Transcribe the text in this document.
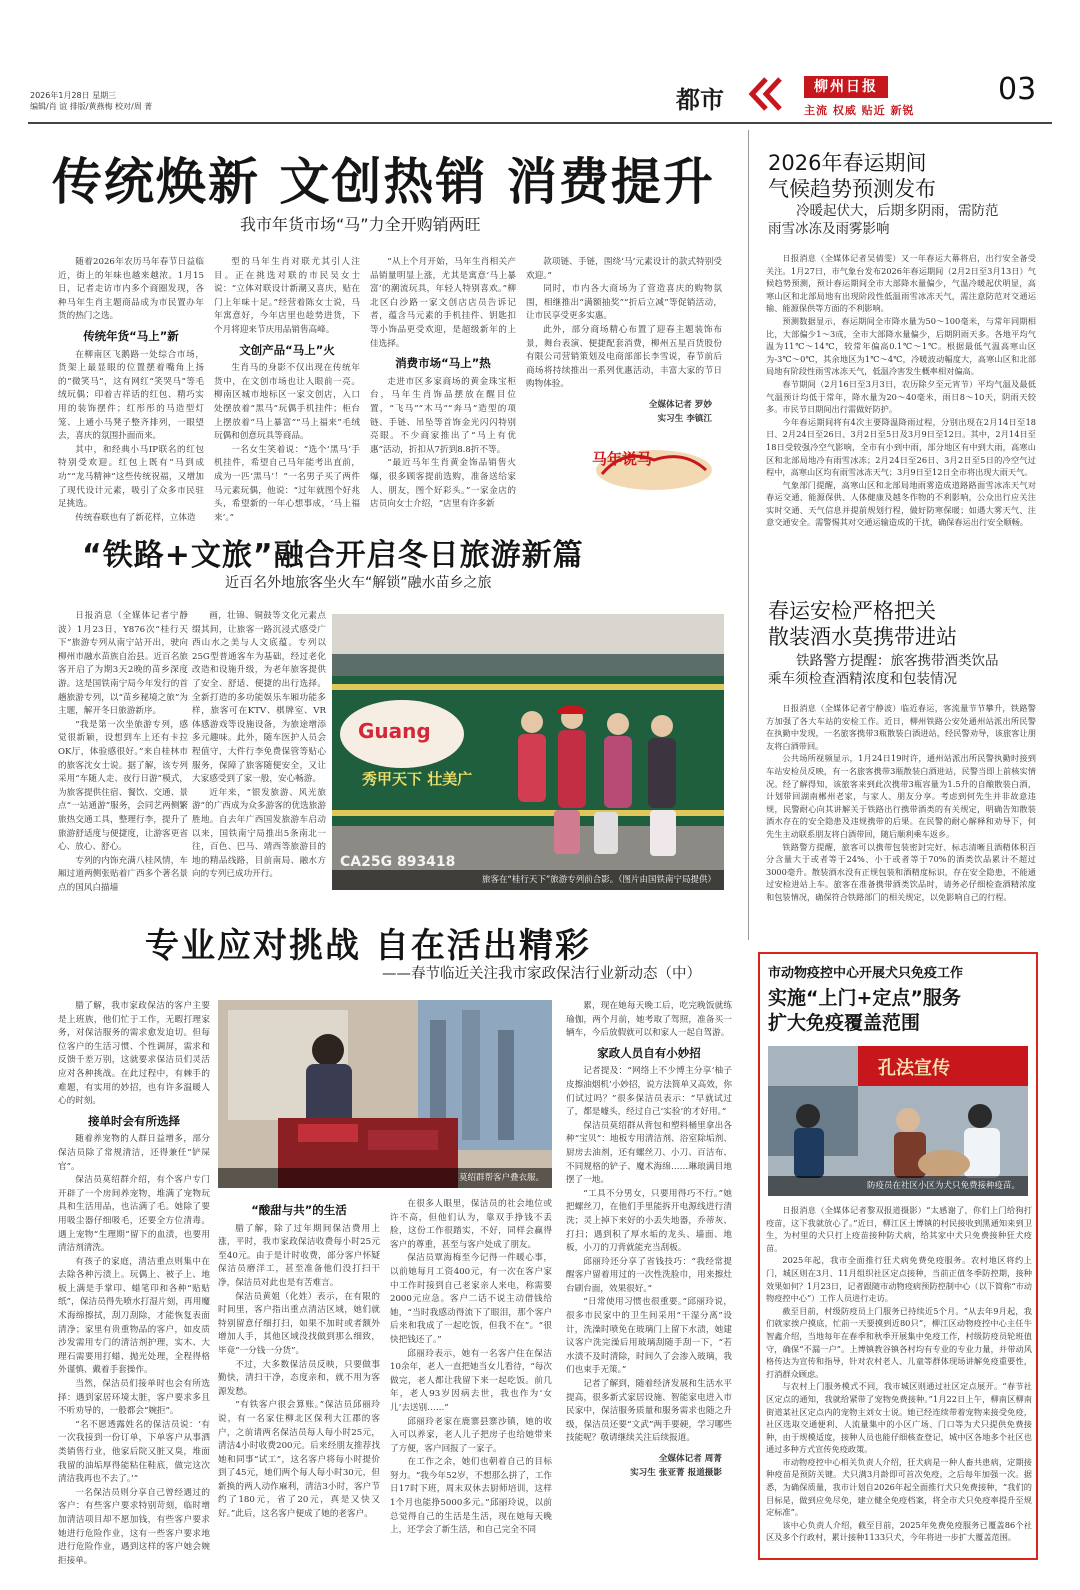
2026年1月28日 星期三
编辑/肖 谊 排版/黄燕梅 校对/周 菁	都市	柳州日报
主流 权威 贴近 新锐
03
传统焕新 文创热销 消费提升
我市年货市场“马”力全开购销两旺

随着2026年农历马年春节日益临近，街上的年味也越来越浓。1月15日，记者走访市内多个商圈发现，各种马年生肖主题商品成为市民置办年货的热门之选。

传统年货“马上”新

在柳南区飞鹅路一处综合市场，货架上最显眼的位置摆着嘴角上扬的“微笑马”，这有网红“笑哭马”等毛绒玩偶；印着吉祥话的红包、精巧实用的装饰摆件；红彤彤的马造型灯笼、上通小马凳子整齐排列，一眼望去，喜庆的氛围扑面而来。

其中，和经典小马IP联名的红包特别受欢迎。红包上既有“马到成功”“龙马精神”这些传统祝福，又增加了现代设计元素，吸引了众多市民驻足挑选。

传统春联也有了新花样，立体造

型的马年生肖对联尤其引人注目。正在挑选对联的市民吴女士说：“立体对联设计新潮又喜庆，贴在门上年味十足。”经营着陈女士说，马年寓意好，今年店里也趁势进货，下个月将迎来节庆用品销售高峰。

文创产品“马上”火

生肖马的身影不仅出现在传统年货中，在文创市场也让人眼前一亮。柳南区城市地标区一家文创店，入口处摆放着“黑马”玩偶手机挂件；柜台上摆放着“马上暴富”“马上福来”毛绒玩偶和创意玩具等商品。

一名女生笑着说：“选个‘黑马’手机挂件，希望自己马年能考出直前，成为一匹‘黑马’！”一名男子买了两件马元素玩偶，他说：“过年就图个好兆头，希望新的一年心想事成，‘马上福来’。”

“从上个月开始，马年生肖相关产品销量明显上涨，尤其是寓意‘马上暴富’的潮流玩具，年轻人特别喜欢。”柳北区白沙路一家文创店店员告诉记者，蕴含马元素的手机挂件、钥匙扣等小饰品更受欢迎，是超级新年的上佳选择。

消费市场“马上”热

走进市区多家商场的黄金珠宝柜台，马年生肖饰品摆放在醒目位置，“飞马”“木马”“奔马”造型的项链、手链、吊坠等首饰金光闪闪特别亮眼。不少商家推出了“马上有优惠”活动，折扣从7折到8.8折不等。

“最近马年生肖黄金饰品销售火爆，很多顾客提前选购，准备送给家人、朋友，图个好彩头。”一家金店的店员向女士介绍，“店里有许多新

款项链、手链，围绕‘马’元素设计的款式特别受欢迎。”

同时，市内各大商场为了营造喜庆的购物氛围，相继推出“满额抽奖”“折后立减”等促销活动，让市民享受更多实惠。

此外，部分商场精心布置了迎春主题装饰布景，舞台表演、便捷配套消费，柳州五星百货股份有限公司营销策划及电商部部长李雪说，春节前后商场将持续推出一系列优惠活动，丰富大家的节日购物体验。

全媒体记者 罗妙
实习生 李镇江
马年说马
2026年春运期间
气候趋势预测发布
冷暖起伏大，后期多阴雨，需防范
雨雪冰冻及雨雾影响

日报消息（全媒体记者吴倩雯）又一年春运大幕将启，出行安全备受关注。1月27日，市气象台发布2026年春运期间（2月2日至3月13日）气候趋势预测，预计春运期间全市大部降水量偏少，气温冷暖起伏明显，高寒山区和北部局地有出现阶段性低温雨雪冰冻天气，需注意防范对交通运输、能源保供等方面的不利影响。

预测数据显示，春运期间全市降水量为50～100毫米，与常年同期相比，大部偏少1～3成，全市大部降水量偏少，后期阴雨天多。各地平均气温为11℃～14℃，较常年偏高0.1℃～1℃。根据最低气温高寒山区为-3℃～0℃，其余地区为1℃～4℃，冷暖波动幅度大，高寒山区和北部局地有阶段性雨雪冰冻天气，低温冷害发生概率相对偏高。

春节期间（2月16日至3月3日，农历除夕至元宵节）平均气温及最低气温预计均低于常年，降水量为20～40毫米，雨日8～10天，阴雨天较多。市民节日期间出行需做好防护。

今年春运期间将有4次主要降温降雨过程，分别出现在2月14日至18日、2月24日至26日、3月2日至5日及3月9日至12日。其中，2月14日至18日受较强冷空气影响，全市有小到中雨，部分地区有中到大雨，高寒山区和北部局地冷有雨雪冰冻；2月24日至26日、3月2日至5日的冷空气过程中，高寒山区均有雨雪冰冻天气；3月9日至12日全市将出现大雨天气。

气象部门提醒，高寒山区和北部局地雨雾造成道路路面雪冰冻天气对春运交通、能源保供、人体健康及越冬作物的不利影响，公众出行应关注实时交通、天气信息并提前规划行程，做好防寒保暖；如遇大雾天气、注意交通安全。需警惕其对交通运输造成的干扰，确保春运出行安全顺畅。

“铁路+文旅”融合开启冬日旅游新篇
近百名外地旅客坐火车“解锁”融水苗乡之旅

日报消息（全媒体记者宁静波）1月23日，Y876次“桂行天下”旅游专列从南宁站开出，驶向柳州市融水苗族自治县。近百名旅客开启了为期3天2晚的苗乡深度游。这是国铁南宁局今年发行的首趟旅游专列，以“苗乡秘境之旅”为主题，解开冬日旅游新序。

“我是第一次坐旅游专列，感觉很新颖，设想到车上还有卡拉OK厅，体验感很好。”来自桂林市的旅客沈女士说。据了解，该专列采用“车随人走、夜行日游”模式，为旅客提供住宿、餐饮、交通、景点“一站通游”服务，会同艺两侧繁旅热交通工具，整理行李，提升了旅游舒适度与便捷度，让游客更省心、放心、舒心。

专列的内饰充满八桂风情，车厢过道两侧张贴着广西多个著名景点的国风白描墙

画，壮锦、铜鼓等文化元素点缀其间，让旅客一路沉浸式感受广西山水之美与人文底蕴。专列以25G型普通客车为基础，经过老化改造和设施升级，为老年旅客提供了安全、舒适、便捷的出行选择。全新打造的多功能娱乐车厢功能多样，旅客可在KTV、棋牌室、VR体感游戏等设施设备，为旅途增添多元趣味。此外，随车医护人员会程值守，大件行李免费保管等贴心服务，保障了旅客随便安全，又让大家感受到了家一般，安心畅游。

近年来，“银发旅游、风光旅游”的广西成为众多游客的优选旅游胜地。自去年广西国发旅游车启动以来，国铁南宁局推出5条南北一往，百色、巴马、靖西等旅游目的地的精品线路，目前南局、融水方向的专列已成功开行。

Guang
秀甲天下 壮美广
CA25G 893418
旅客在“桂行天下”旅游专列前合影。（图片由国铁南宁局提供）
春运安检严格把关
散装酒水莫携带进站
铁路警方提醒：旅客携带酒类饮品
乘车须检查酒精浓度和包装情况

日报消息（全媒体记者宁静波）临近春运，客流量节节攀升，铁路警方加强了各大车站的安检工作。近日，柳州铁路公安处通州站派出所民警在执勤中发现，一名旅客携带3瓶散装白酒进站，经民警劝导，该旅客让朋友将白酒带回。

公共场所视频显示，1月24日19时许，通州站派出所民警执勤时接到车站安检员反映，有一名旅客携带3瓶散装白酒进站，民警当即上前核实情况。经了解得知，该旅客来到此次携带3瓶容量为1.5升的自酿散装白酒，计划带回湖南郴州老家，与家人、朋友分享。考虑到何先生并非故意违规，民警耐心向其讲解关于铁路出行携带酒类的有关规定，明确告知散装酒水存在的安全隐患及违规携带的后果。在民警的耐心解释和劝导下，何先生主动联系朋友将白酒带回，随后顺利乘车返乡。

铁路警方提醒，旅客可以携带包装密封完好、标志清晰且酒精体积百分含量大于或者等于24%、小于或者等于70%的酒类饮品累计不超过3000毫升。散装酒水没有正规包装和酒精度标识，存在安全隐患，不能通过安检进站上车。旅客在准备携带酒类饮品时，请务必仔细检查酒精浓度和包装情况，确保符合铁路部门的相关规定，以免影响自己的行程。

专业应对挑战 自在活出精彩
——春节临近关注我市家政保洁行业新动态（中）

腊了解，我市家政保洁的客户主要是上班族，他们忙于工作，无暇打理家务，对保洁服务的需求愈发迫切。但每位客户的生活习惯、个性调屏，需求和反馈千差万别，这就要求保洁员们灵活应对各种挑战。在此过程中，有棘手的难题，有实用的妙招，也有许多温暖人心的时刻。

接单时会有所选择

随着养宠物的人群日益增多，部分保洁员除了常规清洁，还得兼任“铲屎官”。

保洁员莫绍群介绍，有个客户专门开辟了一个房间养宠物，堆满了宠物玩具和生活用品，也沾满了毛。她除了要用吸尘器仔细吸毛，还要全方位清毒。遇上宠物“生理期”留下的血渍，也要用清洁剂清洗。

有孩子的家庭，清洁重点则集中在去除各种污渍上。玩偶上、被子上、地板上满是手掌印、蜡笔印和各种“贴贴纸”，保洁员得先喷水打湿片刻，再用魔术海绵擦拭，刮刀刮除，才能恢复表面清净；家里有贵重物品的客户，如皮质沙发需用专门的清洁剂护理，实木、大理石需要用打蜡、抛光处理，全程得格外谨慎、戴着手套操作。

当然，保洁员们接单时也会有所选择：遇到家居环境太脏，客户要求多且不听劝导的，一般都会“婉拒”。

“名不愿透露姓名的保洁员说：‘有一次我接到一份订单，下单客户从事洒类销售行业，他家后院又脏又臭，堆面我留的油垢厚得能粘住鞋底，做完这次清洁我再也不去了。’”

一名保洁员则分享自己曾经遇过的客户：有些客户要求特别苛刻，临时增加清洁项目却不愿加钱，有些客户要求她进行危险作业，这有一些客户要求地进行危险作业，遇到这样的客户她会婉拒接单。

莫绍群帮客户叠衣服。
“酸甜与共”的生活

腊了解，除了过年期间保洁费用上涨，平时，我市家政保洁收费每小时25元至40元。由于是计时收费，部分客户怀疑保洁员磨洋工，甚至准备他们没打扫干净，保洁员对此也是有苦难言。

保洁员黄姐（化姓）表示，在有限的时间里，客户指出重点清洁区域，她们就特别留意仔细打扫，如果不加时或者额外增加人手，其他区域没找做到那么细致，毕竟“一分钱一分货”。

不过，大多数保洁员反映，只要做事勤快，清扫干净，态度亲和，就不用为客源发愁。

“有铁客户很会算账。”保洁员邱丽玲说，有一名家住柳北区保利大江郡的客户，之前请两名保洁员每人每小时25元，清洁4小时收费200元。后来经朋友推荐找她和同事“试工”，这名客户将每小时提价到了45元，她们两个每人每小时30元，但新换的两人动作麻利，清洁3小时，客户节约了180元，省了20元，真是又快又好。”此后，这名客户便成了她的老客户。

在很多人眼里，保洁员的社会地位或许不高，但他们认为，靠双手挣钱不丢脸，这份工作很踏实，不好，同样会赢得客户的尊重，甚至与客户处成了朋友。

保洁员覃海梅至今记得一件暖心事，以前她每月工资400元，有一次在客户家中工作时接到自己老家亲人来电，称需要2000元应急。客户二话不说主动借钱给她，“当时我感动得流下了眼泪，那个客户后来和我成了一起吃饭，但我不在”。“很快把钱还了。”

邱丽玲表示，她有一名客户住在保洁10余年，老人一直把她当女儿看待，“每次做完，老人都让我留下来一起吃饭。前几年，老人93岁因病去世，我也作为‘女儿’去送别……”

邱丽玲老家在鹿寨县寨沙镇，她的收入可以养家，老人儿子把房子也给她带来了方便，客户回报了一家子。

在工作之余，她们也朝着自己的目标努力。“我今年52岁，不想那么拼了，工作日17时下班，周末双休去厨师培训，这样1个月也能挣5000多元。”邱丽玲说，以前总觉得自己的生活是生活，现在她每天晚上，还学会了新生活，和自己完全不同

累，现在她每天晚工后，吃完晚饭就练瑜伽，两个月前，她考取了驾照，准备买一辆车，今后放假就可以和家人一起自驾游。

家政人员自有小妙招

记者提及：“网络上不少博主分享‘柚子皮擦油烟机’小妙招，说方法简单又高效，你们试过吗？”很多保洁员表示：“早就试过了，都是噱头，经过自己‘实验’的才好用。”

保洁员莫绍群从背包和塑料桶里拿出各种“宝贝”：地板专用清洁剂、浴室除垢剂、厨房去油剂，还有螺丝刀、小刀、百洁布、不同规格的铲子、魔术海绵……琳琅满目地摆了一地。

“工具不分男女，只要用得巧不行。”她把螺丝刀，在他们手里能拆开电源线进行清洗；灵上掉下来好的小丢失地器，乔蒂灰、打扫；遇到积了厚水垢的龙头、墙面、地板，小刀的刀背就能充当刮板。

邱丽玲还分享了省钱技巧：“我经常提醒客户留着用过的一次性洗脸巾，用来擦灶台刷台面，效果很好。”

“日常使用习惯也很重要。”邱丽玲说，很多市民家中的卫生间采用“干湿分离”设计，洗澡时喷免在玻璃门上留下水渍，她建议客户洗完澡后用玻璃刮随手刮一下，“若水渍不及时清除，时间久了会渗入玻璃，我们也束手无策。”

记者了解到，随着经济发展和生活水平提高，很多新式家居设施、智能家电进入市民家中，保洁服务质量和服务需求也随之升级，保洁员还要“文武”两手要硬，学习哪些技能呢？敬请继续关注后续报道。

全媒体记者 周菁
实习生 张亚菁 报道摄影
市动物疫控中心开展犬只免疫工作
实施“上门+定点”服务
扩大免疫覆盖范围
孔法宣传
防疫员在社区小区为犬只免费接种疫苗。

日报消息（全媒体记者黎双报道摄影）“太感谢了，你们上门给狗打疫苗，这下我就放心了。”近日，柳江区土博镇的村民接收到黑通知来到卫生，为村里的犬只打上疫苗接种防犬病，给其家中犬只免费接种狂犬疫苗。

2025年起，我市全面推行狂犬病免费免疫服务。农村地区将约上门，城区则在3月、11月组织社区定点接种，当前正值冬季防控期，接种效果如何？1月23日，记者跟随市动物疫病预防控制中心（以下简称“市动物疫控中心”）工作人员进行走访。

截至目前，村级防疫员上门服务已持续近5个月。“从去年9月起，我们就家挨户摸底，忙前一天要摸到近80只”，柳江区动物疫控中心主任牛智鑫介绍，当地每年在春季和秋季开展集中免疫工作，村级防疫员轮班值守，确保“不漏一户”。上博镇教谷镇各村均有专业的专业力量，并带动风格传达为宣传和指导，针对农村老人、儿童等群体现场讲解免疫重要性，打消群众顾虑。

与农村上门服务模式不同，我市城区则通过社区定点展开。“春节社区定点的通知，我就给紧带了宠物免费接种。”1月22日上午，柳南区柳南街道某社区定点内的宠物主刘女士说。她已经连续带着宠物来接受免疫，社区选取交通便利、人流量集中的小区广场、门口等为犬只提供免费接种，由于规模适度，接种人员也能仔细核查登记，城中区各地多个社区也通过多种方式宣传免疫政策。

市动物疫控中心相关负责人介绍，狂犬病是一种人畜共患病，定期接种疫苗是预防关键。犬只满3月龄即可首次免疫，之后每年加强一次。据悉，为确保质量，我市计划自2026年起全面推行犬只免费接种，“我们的目标是，做到应免尽免，建立健全免疫档案，将全市犬只免疫率提升至规定标准”。

该中心负责人介绍，截至目前，2025年免费免疫服务已覆盖86个社区及多个行政村，累计接种1133只犬，今年将进一步扩大覆盖范围。
